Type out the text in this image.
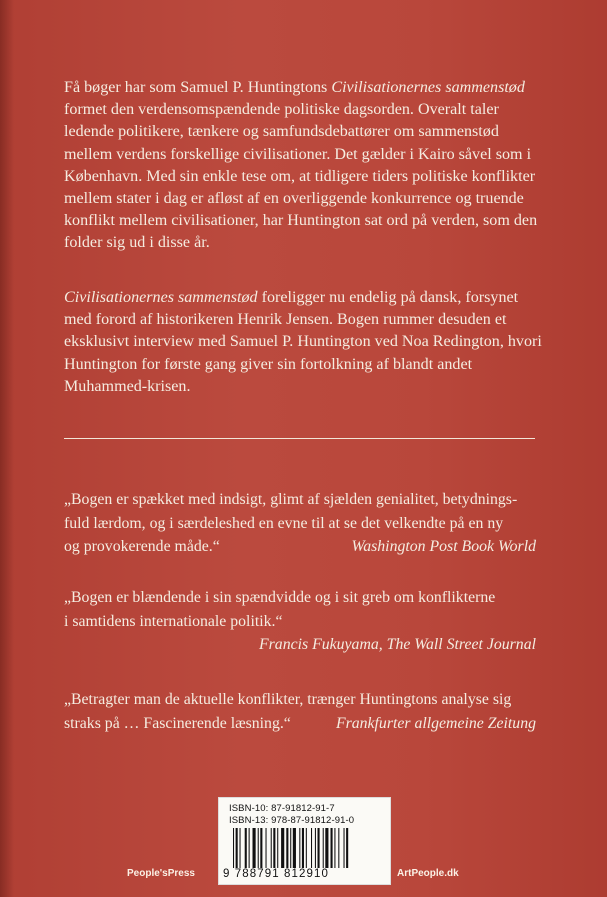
Få bøger har som Samuel P. Huntingtons Civilisationernes sammenstød formet den verdensomspændende politiske dagsorden. Overalt taler ledende politikere, tænkere og samfundsdebattører om sammenstød mellem verdens forskellige civilisationer. Det gælder i Kairo såvel som i København. Med sin enkle tese om, at tidligere tiders politiske konflikter mellem stater i dag er afløst af en overliggende konkurrence og truende konflikt mellem civilisationer, har Huntington sat ord på verden, som den folder sig ud i disse år.

Civilisationernes sammenstød foreligger nu endelig på dansk, forsynet med forord af historikeren Henrik Jensen. Bogen rummer desuden et eksklusivt interview med Samuel P. Huntington ved Noa Redington, hvori Huntington for første gang giver sin fortolkning af blandt andet Muhammed-krisen.

„Bogen er spækket med indsigt, glimt af sjælden genialitet, betydnings-
fuld lærdom, og i særdeleshed en evne til at se det velkendte på en ny
og provokerende måde.“	Washington Post Book World
„Bogen er blændende i sin spændvidde og i sit greb om konflikterne
i samtidens internationale politik.“
Francis Fukuyama, The Wall Street Journal
„Betragter man de aktuelle konflikter, trænger Huntingtons analyse sig
straks på … Fascinerende læsning.“	Frankfurter allgemeine Zeitung
ISBN-10: 87-91812-91-7
ISBN-13: 978-87-91812-91-0
9 788791 812910
People'sPress	ArtPeople.dk
